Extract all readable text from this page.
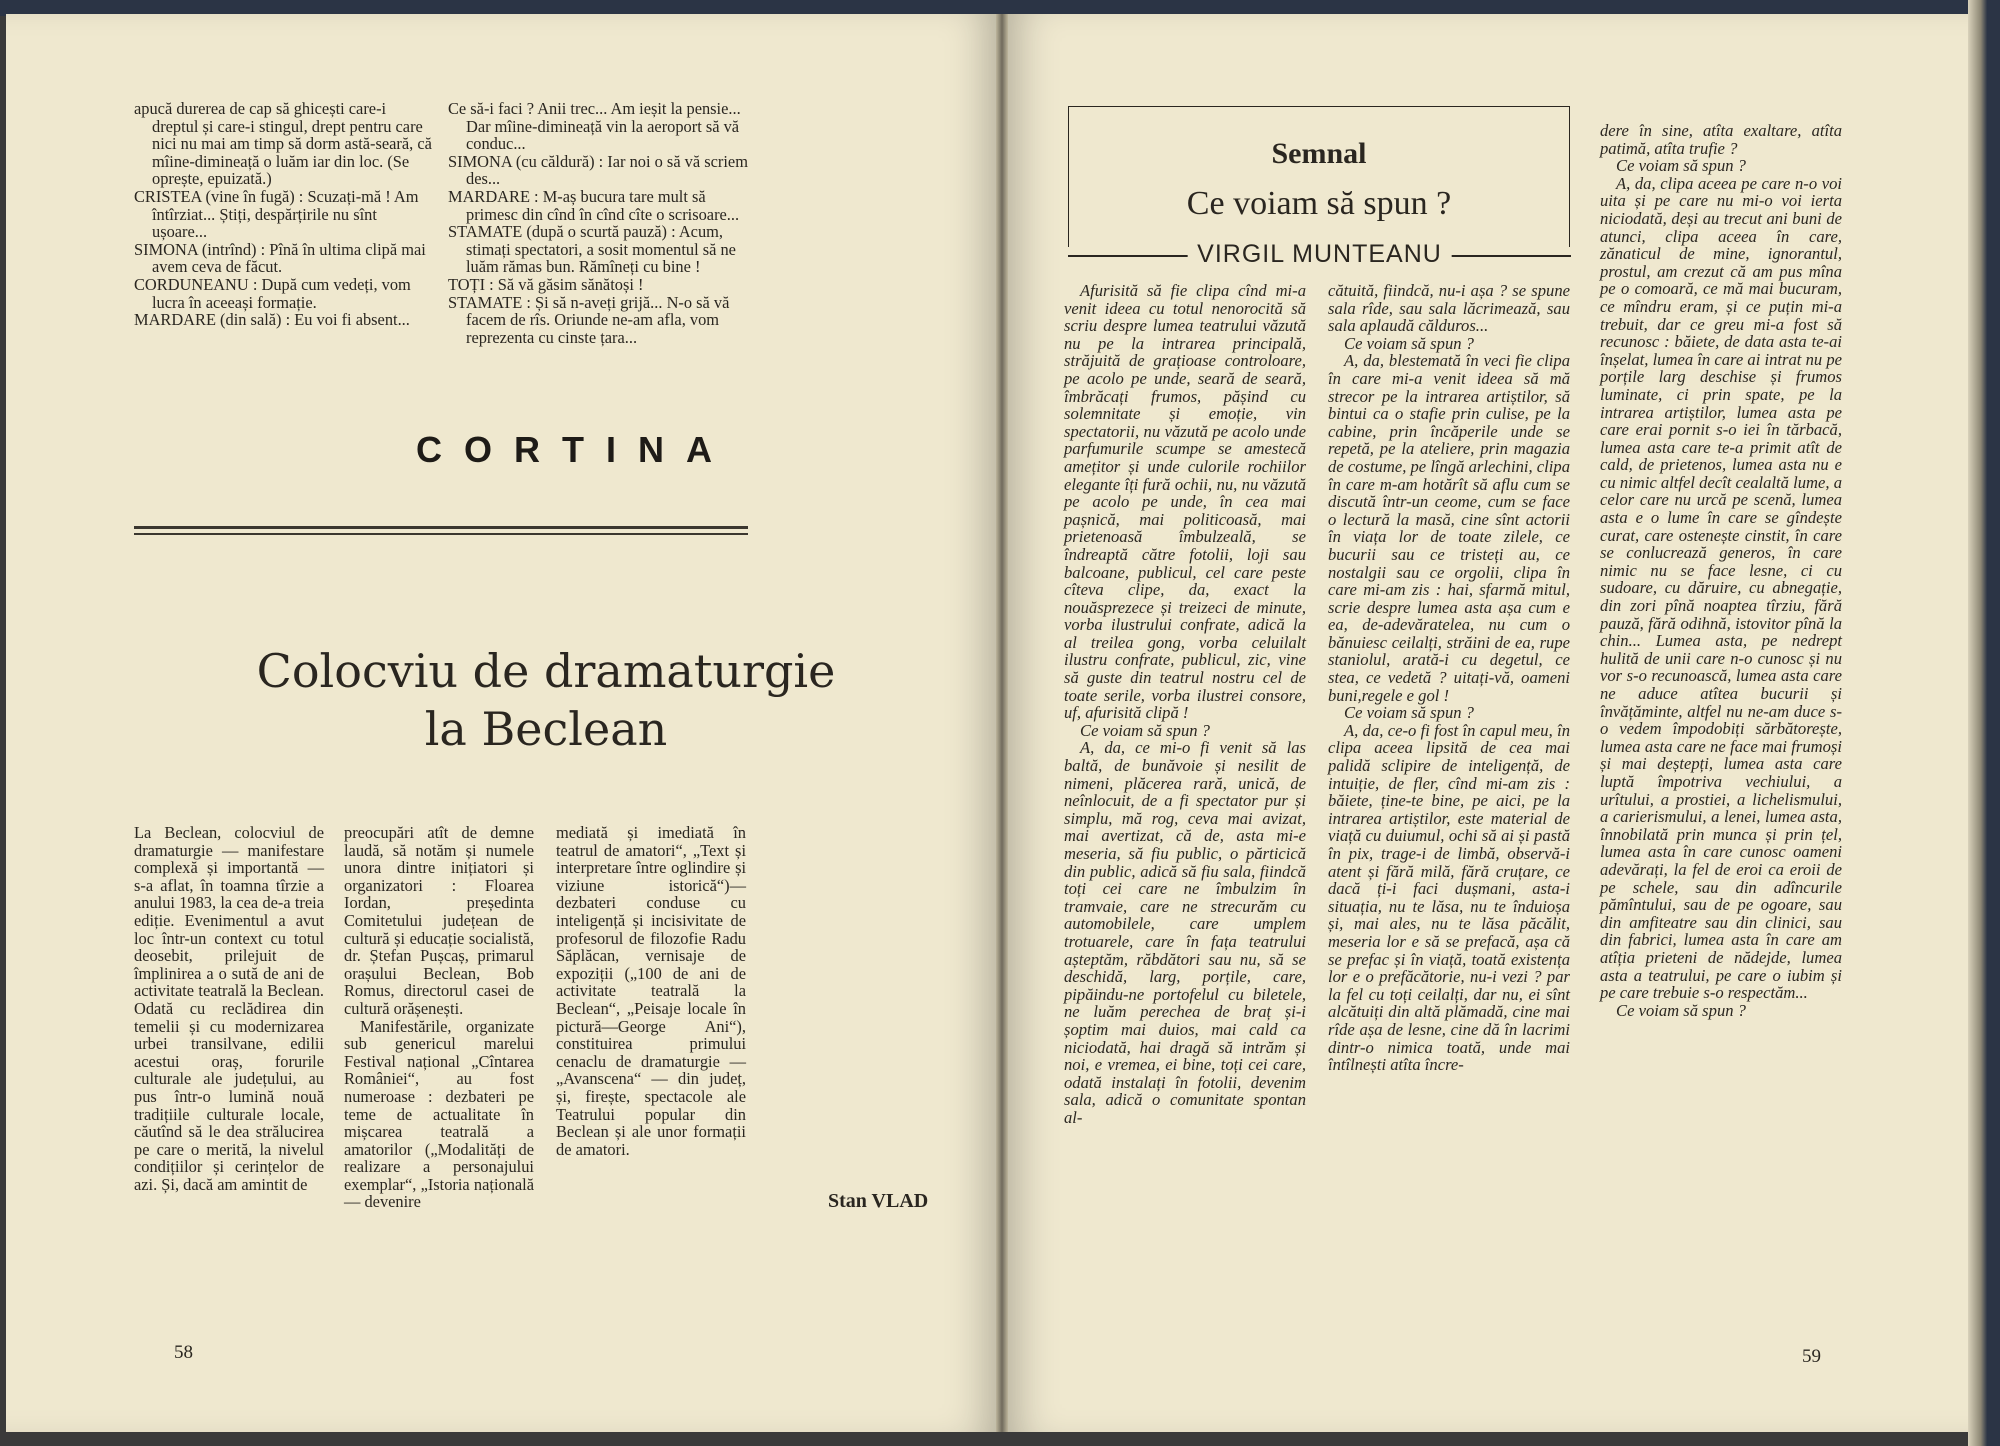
apucă durerea de cap să ghicești care-i dreptul și care-i stingul, drept pentru care nici nu mai am timp să dorm astă-seară, că mîine-dimineață o luăm iar din loc. (Se oprește, epuizată.)

CRISTEA (vine în fugă) : Scuzați-mă ! Am întîrziat... Știți, despărțirile nu sînt ușoare...

SIMONA (intrînd) : Pînă în ultima clipă mai avem ceva de făcut.

CORDUNEANU : După cum vedeți, vom lucra în aceeași formație.

MARDARE (din sală) : Eu voi fi absent...

Ce să-i faci ? Anii trec... Am ieșit la pensie... Dar mîine-dimineață vin la aeroport să vă conduc...

SIMONA (cu căldură) : Iar noi o să vă scriem des...

MARDARE : M-aș bucura tare mult să primesc din cînd în cînd cîte o scrisoare...

STAMATE (după o scurtă pauză) : Acum, stimați spectatori, a sosit momentul să ne luăm rămas bun. Rămîneți cu bine !

TOȚI : Să vă găsim sănătoși !

STAMATE : Și să n-aveți grijă... N-o să vă facem de rîs. Oriunde ne-am afla, vom reprezenta cu cinste țara...

CORTINA
Colocviu de dramaturgie
la Beclean

La Beclean, colocviul de dramaturgie — manifestare complexă și importantă — s-a aflat, în toamna tîrzie a anului 1983, la cea de-a treia ediție. Evenimentul a avut loc într-un context cu totul deosebit, prilejuit de împlinirea a o sută de ani de activitate teatrală la Beclean. Odată cu reclădirea din temelii și cu modernizarea urbei transilvane, edilii acestui oraș, forurile culturale ale județului, au pus într-o lumină nouă tradițiile culturale locale, căutînd să le dea strălucirea pe care o merită, la nivelul condițiilor și cerințelor de azi. Și, dacă am amintit de

preocupări atît de demne laudă, să notăm și numele unora dintre inițiatori și organizatori : Floarea Iordan, președinta Comitetului județean de cultură și educație socialistă, dr. Ștefan Pușcaș, primarul orașului Beclean, Bob Romus, directorul casei de cultură orășenești.

Manifestările, organizate sub genericul marelui Festival național „Cîntarea României“, au fost numeroase : dezbateri pe teme de actualitate în mișcarea teatrală a amatorilor („Modalități de realizare a personajului exemplar“, „Istoria națională — devenire

mediată și imediată în teatrul de amatori“, „Text și interpretare între oglindire și viziune istorică“)— dezbateri conduse cu inteligență și incisivitate de profesorul de filozofie Radu Săplăcan, vernisaje de expoziții („100 de ani de activitate teatrală la Beclean“, „Peisaje locale în pictură—George Ani“), constituirea primului cenaclu de dramaturgie — „Avanscena“ — din județ, și, firește, spectacole ale Teatrului popular din Beclean și ale unor formații de amatori.

Stan VLAD
58
Semnal
Ce voiam să spun ?
VIRGIL MUNTEANU

Afurisită să fie clipa cînd mi-a venit ideea cu totul nenorocită să scriu despre lumea teatrului văzută nu pe la intrarea principală, străjuită de grațioase controloare, pe acolo pe unde, seară de seară, îmbrăcați frumos, pășind cu solemnitate și emoție, vin spectatorii, nu văzută pe acolo unde parfumurile scumpe se amestecă amețitor și unde culorile rochiilor elegante îți fură ochii, nu, nu văzută pe acolo pe unde, în cea mai pașnică, mai politicoasă, mai prietenoasă îmbulzeală, se îndreaptă către fotolii, loji sau balcoane, publicul, cel care peste cîteva clipe, da, exact la nouăsprezece și treizeci de minute, vorba ilustrului confrate, adică la al treilea gong, vorba celuilalt ilustru confrate, publicul, zic, vine să guste din teatrul nostru cel de toate serile, vorba ilustrei consore, uf, afurisită clipă !

Ce voiam să spun ?

A, da, ce mi-o fi venit să las baltă, de bunăvoie și nesilit de nimeni, plăcerea rară, unică, de neînlocuit, de a fi spectator pur și simplu, mă rog, ceva mai avizat, mai avertizat, că de, asta mi-e meseria, să fiu public, o părticică din public, adică să fiu sala, fiindcă toți cei care ne îmbulzim în tramvaie, care ne strecurăm cu automobilele, care umplem trotuarele, care în fața teatrului așteptăm, răbdători sau nu, să se deschidă, larg, porțile, care, pipăindu-ne portofelul cu biletele, ne luăm perechea de braț și-i șoptim mai duios, mai cald ca niciodată, hai dragă să intrăm și noi, e vremea, ei bine, toți cei care, odată instalați în fotolii, devenim sala, adică o comunitate spontan al-

cătuită, fiindcă, nu-i așa ? se spune sala rîde, sau sala lăcrimează, sau sala aplaudă călduros...

Ce voiam să spun ?

A, da, blestemată în veci fie clipa în care mi-a venit ideea să mă strecor pe la intrarea artiștilor, să bintui ca o stafie prin culise, pe la cabine, prin încăperile unde se repetă, pe la ateliere, prin magazia de costume, pe lîngă arlechini, clipa în care m-am hotărît să aflu cum se discută într-un ceome, cum se face o lectură la masă, cine sînt actorii în viața lor de toate zilele, ce bucurii sau ce tristeți au, ce nostalgii sau ce orgolii, clipa în care mi-am zis : hai, sfarmă mitul, scrie despre lumea asta așa cum e ea, de-adevăratelea, nu cum o bănuiesc ceilalți, străini de ea, rupe staniolul, arată-i cu degetul, ce stea, ce vedetă ? uitați-vă, oameni buni,regele e gol !

Ce voiam să spun ?

A, da, ce-o fi fost în capul meu, în clipa aceea lipsită de cea mai palidă sclipire de inteligență, de intuiție, de fler, cînd mi-am zis : băiete, ține-te bine, pe aici, pe la intrarea artiștilor, este material de viață cu duiumul, ochi să ai și pastă în pix, trage-i de limbă, observă-i atent și fără milă, fără cruțare, ce dacă ți-i faci dușmani, asta-i situația, nu te lăsa, nu te înduioșa și, mai ales, nu te lăsa păcălit, meseria lor e să se prefacă, așa că se prefac și în viață, toată existența lor e o prefăcătorie, nu-i vezi ? par la fel cu toți ceilalți, dar nu, ei sînt alcătuiți din altă plămadă, cine mai rîde așa de lesne, cine dă în lacrimi dintr-o nimica toată, unde mai întîlnești atîta încre-

dere în sine, atîta exaltare, atîta patimă, atîta trufie ?

Ce voiam să spun ?

A, da, clipa aceea pe care n-o voi uita și pe care nu mi-o voi ierta niciodată, deși au trecut ani buni de atunci, clipa aceea în care, zănaticul de mine, ignorantul, prostul, am crezut că am pus mîna pe o comoară, ce mă mai bucuram, ce mîndru eram, și ce puțin mi-a trebuit, dar ce greu mi-a fost să recunosc : băiete, de data asta te-ai înșelat, lumea în care ai intrat nu pe porțile larg deschise și frumos luminate, ci prin spate, pe la intrarea artiștilor, lumea asta pe care erai pornit s-o iei în tărbacă, lumea asta care te-a primit atît de cald, de prietenos, lumea asta nu e cu nimic altfel decît cealaltă lume, a celor care nu urcă pe scenă, lumea asta e o lume în care se gîndește curat, care ostenește cinstit, în care se conlucrează generos, în care nimic nu se face lesne, ci cu sudoare, cu dăruire, cu abnegație, din zori pînă noaptea tîrziu, fără pauză, fără odihnă, istovitor pînă la chin... Lumea asta, pe nedrept hulită de unii care n-o cunosc și nu vor s-o recunoască, lumea asta care ne aduce atîtea bucurii și învățăminte, altfel nu ne-am duce s-o vedem împodobiți sărbătorește, lumea asta care ne face mai frumoși și mai deștepți, lumea asta care luptă împotriva vechiului, a urîtului, a prostiei, a lichelismului, a carierismului, a lenei, lumea asta, înnobilată prin munca și prin țel, lumea asta în care cunosc oameni adevărați, la fel de eroi ca eroii de pe schele, sau din adîncurile pămîntului, sau de pe ogoare, sau din amfiteatre sau din clinici, sau din fabrici, lumea asta în care am atîția prieteni de nădejde, lumea asta a teatrului, pe care o iubim și pe care trebuie s-o respectăm...

Ce voiam să spun ?

59
